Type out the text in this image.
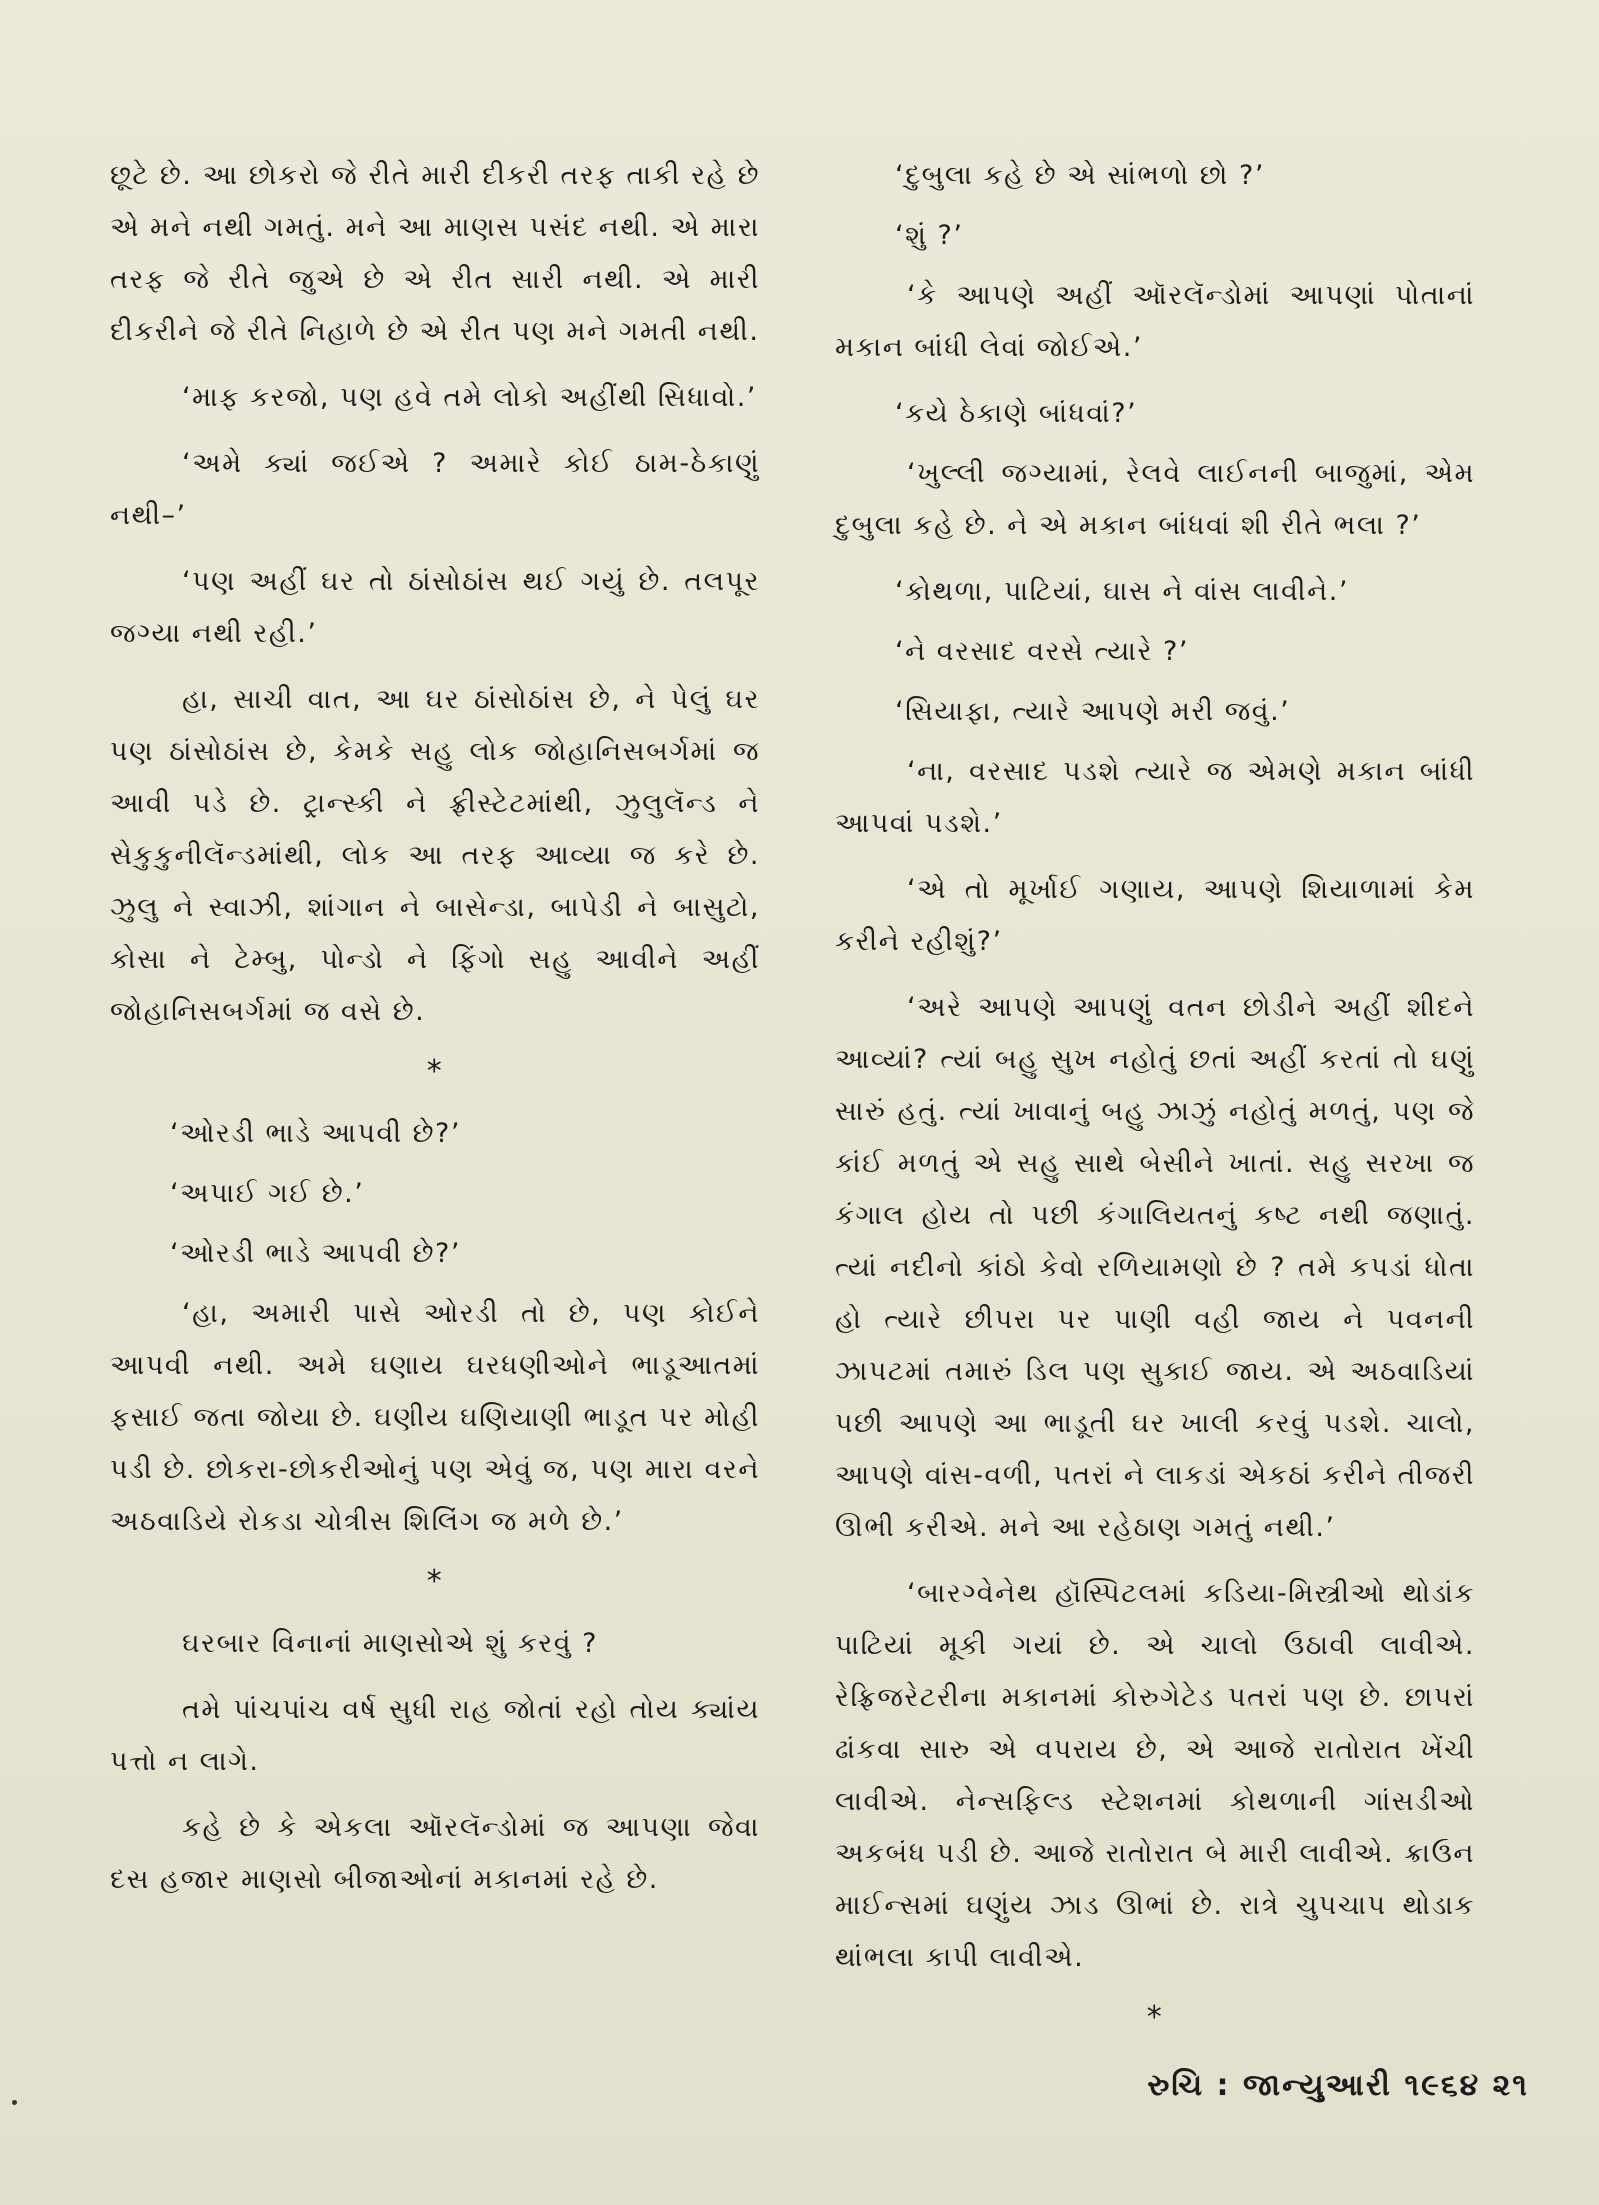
છૂટે છે. આ છોકરો જે રીતે મારી દીકરી તરફ તાકી રહે છે એ મને નથી ગમતું. મને આ માણસ પસંદ નથી. એ મારા તરફ જે રીતે જુએ છે એ રીત સારી નથી. એ મારી દીકરીને જે રીતે નિહાળે છે એ રીત પણ મને ગમતી નથી.

‘માફ કરજો, પણ હવે તમે લોકો અહીંથી સિધાવો.’

‘અમે ક્યાં જઈએ ? અમારે કોઈ ઠામ-ઠેકાણું નથી–’

‘પણ અહીં ઘર તો ઠાંસોઠાંસ થઈ ગયું છે. તલપૂર જગ્યા નથી રહી.’

હા, સાચી વાત, આ ઘર ઠાંસોઠાંસ છે, ને પેલું ઘર પણ ઠાંસોઠાંસ છે, કેમકે સહુ લોક જોહાનિસબર્ગમાં જ આવી પડે છે. ટ્રાન્સ્કી ને ફ્રીસ્ટેટમાંથી, ઝુલુલૅન્ડ ને સેકુકુનીલૅન્ડમાંથી, લોક આ તરફ આવ્યા જ કરે છે. ઝુલુ ને સ્વાઝી, શાંગાન ને બાસેન્ડા, બાપેડી ને બાસુટો, કોસા ને ટેમ્બુ, પોન્ડો ને ફિંગો સહુ આવીને અહીં જોહાનિસબર્ગમાં જ વસે છે.

*

‘ઓરડી ભાડે આપવી છે?’

‘અપાઈ ગઈ છે.’

‘ઓરડી ભાડે આપવી છે?’

‘હા, અમારી પાસે ઓરડી તો છે, પણ કોઈને આપવી નથી. અમે ઘણાય ઘરધણીઓને ભાડૂઆતમાં ફસાઈ જતા જોયા છે. ઘણીય ઘણિયાણી ભાડૂત પર મોહી પડી છે. છોકરા-છોકરીઓનું પણ એવું જ, પણ મારા વરને અઠવાડિયે રોકડા ચોત્રીસ શિલિંગ જ મળે છે.’

*

ઘરબાર વિનાનાં માણસોએ શું કરવું ?

તમે પાંચપાંચ વર્ષ સુધી રાહ જોતાં રહો તોય ક્યાંય પત્તો ન લાગે.

કહે છે કે એકલા ઑરલૅન્ડોમાં જ આપણા જેવા દસ હજાર માણસો બીજાઓનાં મકાનમાં રહે છે.

‘દુબુલા કહે છે એ સાંભળો છો ?’

‘શું ?’

‘કે આપણે અહીં ઑરલૅન્ડોમાં આપણાં પોતાનાં મકાન બાંધી લેવાં જોઈએ.’

‘કયે ઠેકાણે બાંધવાં?’

‘ખુલ્લી જગ્યામાં, રેલવે લાઈનની બાજુમાં, એમ દુબુલા કહે છે. ને એ મકાન બાંધવાં શી રીતે ભલા ?’

‘કોથળા, પાટિયાં, ઘાસ ને વાંસ લાવીને.’

‘ને વરસાદ વરસે ત્યારે ?’

‘સિયાફા, ત્યારે આપણે મરી જવું.’

‘ના, વરસાદ પડશે ત્યારે જ એમણે મકાન બાંધી આપવાં પડશે.’

‘એ તો મૂર્ખાઈ ગણાય, આપણે શિયાળામાં કેમ કરીને રહીશું?’

‘અરે આપણે આપણું વતન છોડીને અહીં શીદને આવ્યાં? ત્યાં બહુ સુખ નહોતું છતાં અહીં કરતાં તો ઘણું સારું હતું. ત્યાં ખાવાનું બહુ ઝાઝું નહોતું મળતું, પણ જે કાંઈ મળતું એ સહુ સાથે બેસીને ખાતાં. સહુ સરખા જ કંગાલ હોય તો પછી કંગાલિયતનું કષ્ટ નથી જણાતું. ત્યાં નદીનો કાંઠો કેવો રળિયામણો છે ? તમે કપડાં ધોતા હો ત્યારે છીપરા પર પાણી વહી જાય ને પવનની ઝાપટમાં તમારું ડિલ પણ સુકાઈ જાય. એ અઠવાડિયાં પછી આપણે આ ભાડૂતી ઘર ખાલી કરવું પડશે. ચાલો, આપણે વાંસ-વળી, પતરાં ને લાકડાં એકઠાં કરીને તીજરી ઊભી કરીએ. મને આ રહેઠાણ ગમતું નથી.’

‘બારગ્વેનેથ હૉસ્પિટલમાં કડિયા-મિસ્ત્રીઓ થોડાંક પાટિયાં મૂકી ગયાં છે. એ ચાલો ઉઠાવી લાવીએ. રેફ્રિજરેટરીના મકાનમાં કોરુગેટેડ પતરાં પણ છે. છાપરાં ઢાંકવા સારુ એ વપરાય છે, એ આજે રાતોરાત ખેંચી લાવીએ. નેન્સફિલ્ડ સ્ટેશનમાં કોથળાની ગાંસડીઓ અકબંધ પડી છે. આજે રાતોરાત બે મારી લાવીએ. ક્રાઉન માઈન્સમાં ઘણુંય ઝાડ ઊભાં છે. રાત્રે ચુપચાપ થોડાક થાંભલા કાપી લાવીએ.

*
રુચિ : જાન્યુઆરી ૧૯૬૪ ૨૧
